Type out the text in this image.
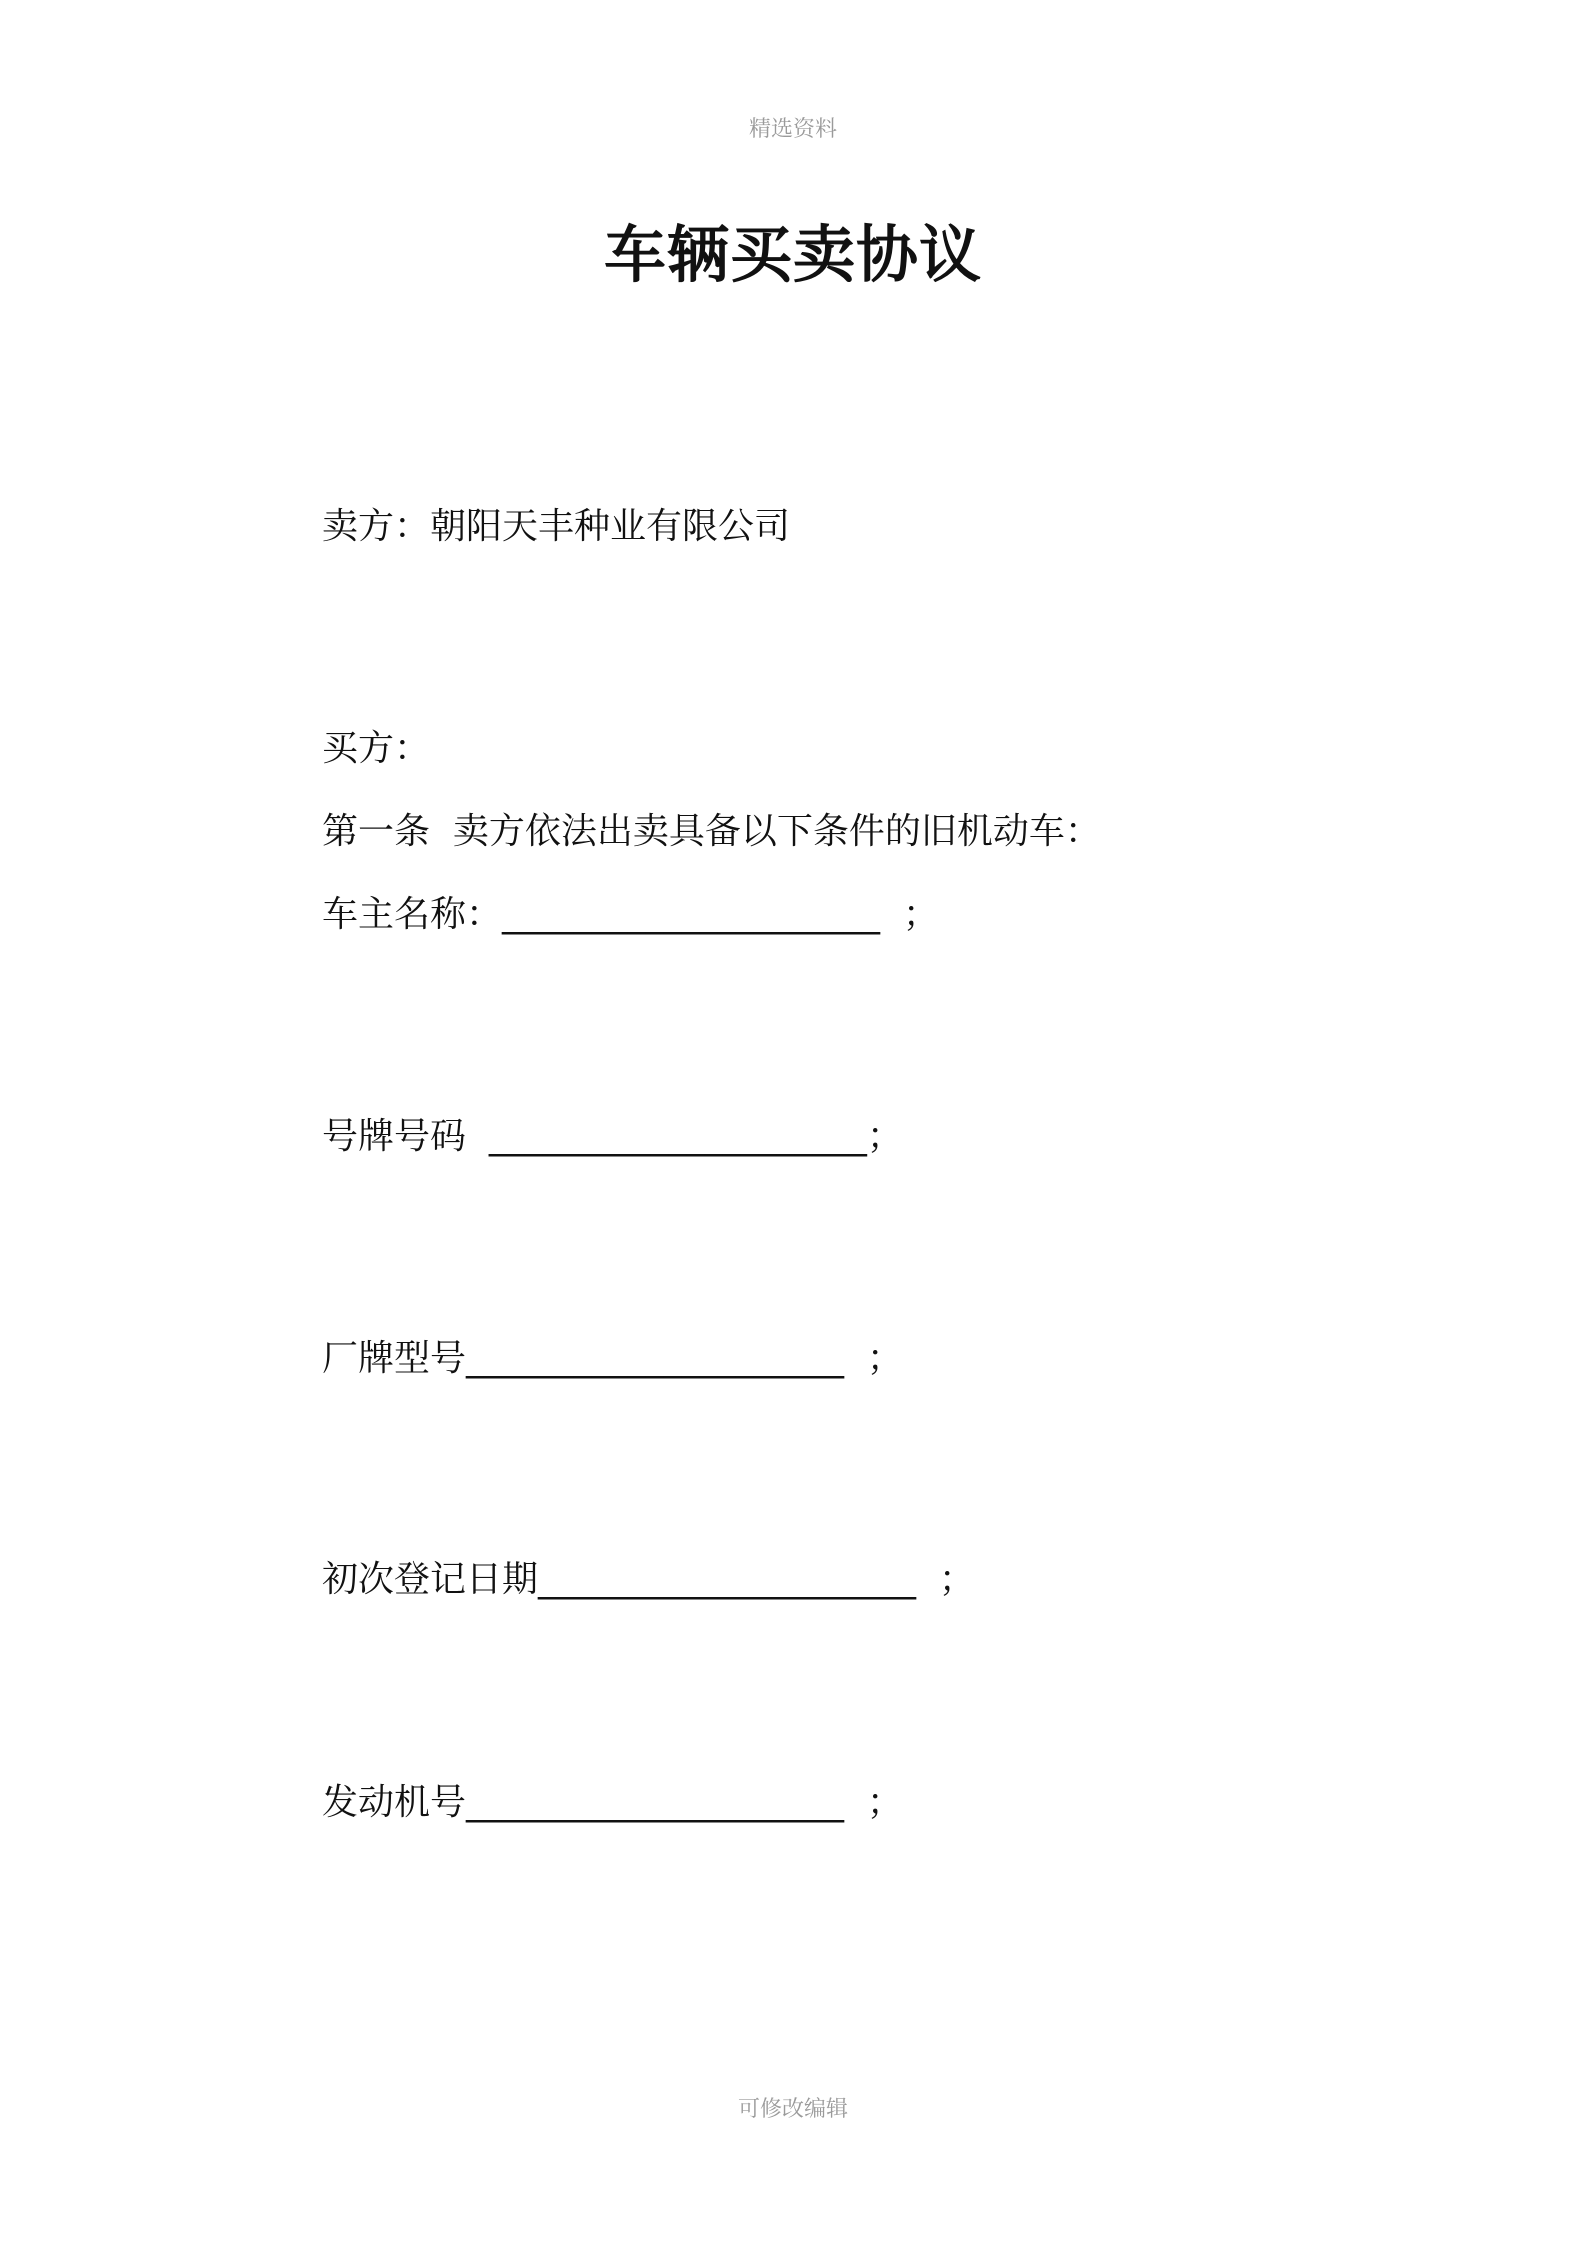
精选资料
车辆买卖协议
卖方：朝阳天丰种业有限公司
买方：
第一条  卖方依法出卖具备以下条件的旧机动车：
车主名称：_____________________  ；
号牌号码  _____________________；
厂牌型号_____________________  ；
初次登记日期_____________________  ；
发动机号_____________________  ；
可修改编辑
